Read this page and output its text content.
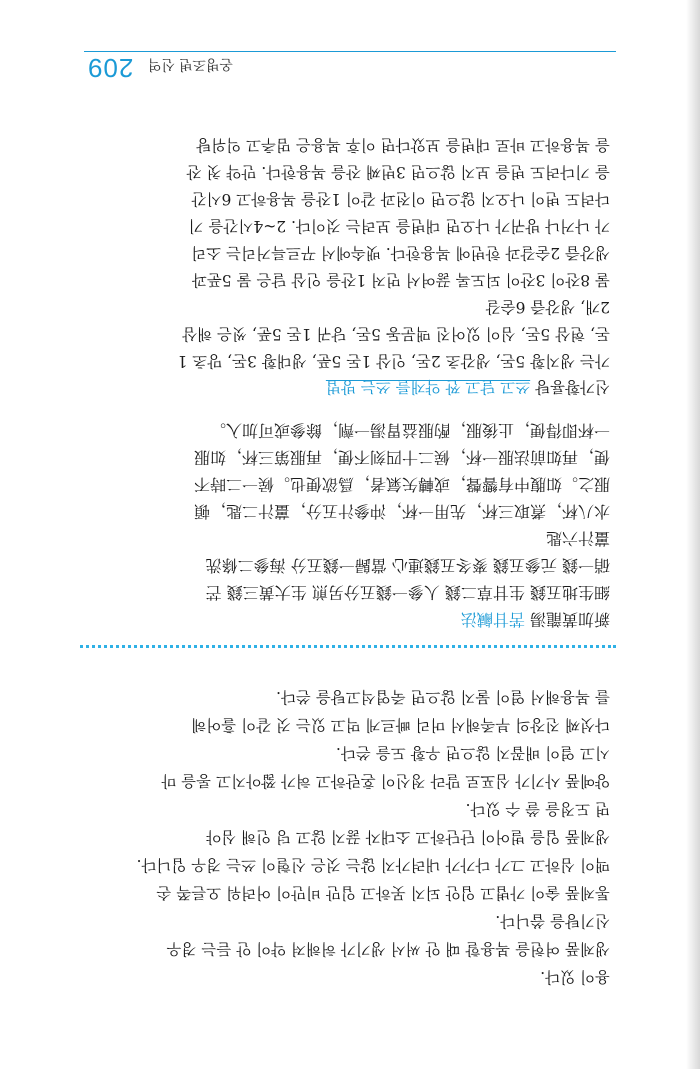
용이 있다.
생제품 여헌을 복용할 때 안 써서 생기가 허해져 약이 안 듣는 경우
신기탕을 씁니다.
통제품 술이 가볍고 입안 되지 못하고 입만 비만이 어려워 오른쪽 손
맥이 심하고 그가 다가가 내려가지 않는 것은 신혈이 쓰는 경우 입니다.
생제품 입을 벌어이 단단하고 소대자 끓지 않고 덩 인해 심야
면 도정을 쓸 수 있다.
양예품 사기가 심포로 말라 정신이 혼란하고 혀가 짧아지고 롱을 마
시고 열이 배꼽지 않으면 우황 도을 쓴다.
다섯째 진장의 부족해서 머리 빠르게 먹고 있는 것 같이 흘어헤
를 복용해서 열이 물지 않으면 죽엽석고탕을 쓴다.
新加黃龍湯 苦甘鹹法
細生地五錢 生甘草二錢 人參一錢五分另煎 生大黃三錢 芒
硝一錢 元參五錢 麥冬五錢連心 當歸一錢五分 海參二條洗
薑汁六匙
水八杯，煮取三杯，先用一杯，沖參汁五分，薑汁二匙，頓
服之。如腹中有響聲，或轉矢氣者，爲欲便也。候一二時不
便，再如前法服一杯，候二十四刻不便，再服第三杯，如服
一杯即得便，止後服，酌服益胃湯一劑，餘參或可加入。
신가황룡탕 쓰고 달고 짠 약재를 쓰는 방법
가는 생지황 5돈, 생감초 2돈, 인삼 1돈 5푼, 생대황 3돈, 망초 1
돈, 현삼 5돈, 심이 있어진 맥문동 5돈, 당귀 1돈 5푼, 씻은 해삼
2개, 생강즙 6숟갈
물 8잔이 3잔이 되도록 끓여서 먼저 1잔을 인삼 달은 물 5푼과
생강즙 2숟갈과 한번에 복용한다. 뱃속에서 꾸르륵거리는 소리
가 나거나 방귀가 나오면 대변을 보려는 것이다. 2~4시간을 기
다려도 변이 나오지 않으면 이전과 같이 1잔을 복용하고 6시간
을 기다려도 변을 보지 않으면 3번째 잔을 복용한다. 만약 첫 잔
을 복용하고 바로 대변을 보았다면 이후 복용은 멈추고 익위탕
온병조변 신역
209
